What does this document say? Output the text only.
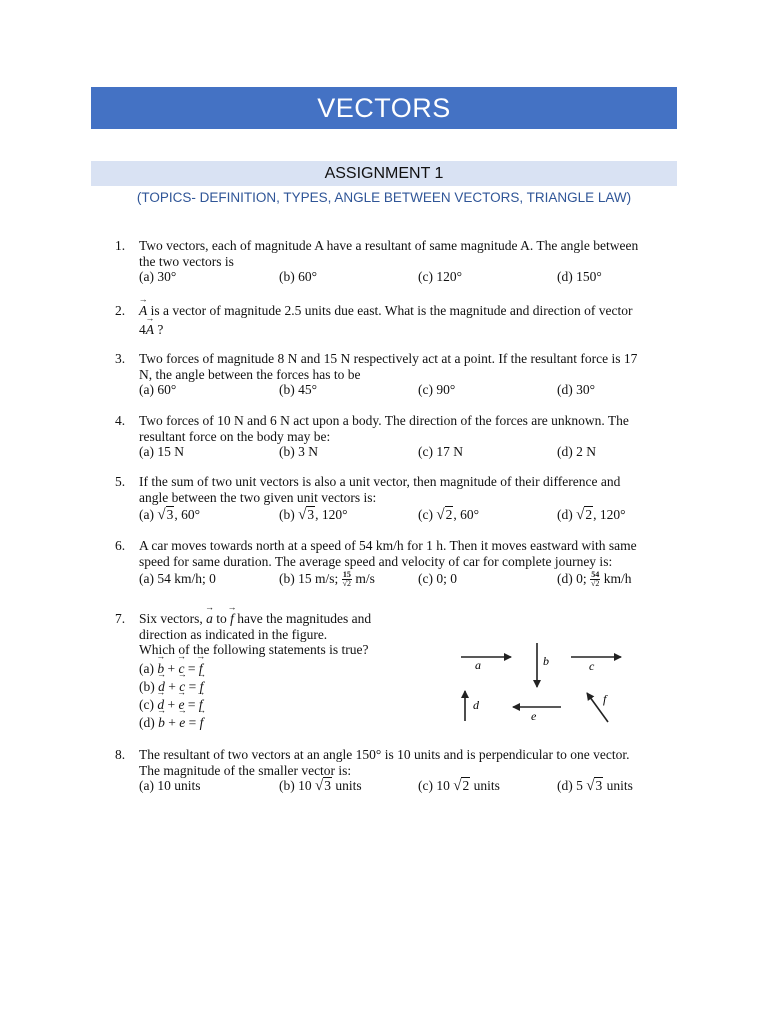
VECTORS
ASSIGNMENT 1
(TOPICS- DEFINITION, TYPES, ANGLE BETWEEN VECTORS, TRIANGLE LAW)
1. Two vectors, each of magnitude A have a resultant of same magnitude A. The angle between
the two vectors is
(a) 30°	(b) 60°	(c) 120°	(d) 150°
2.
→ A is a vector of magnitude 2.5 units due east. What is the magnitude and direction of vector
4→ A ?
3. Two forces of magnitude 8 N and 15 N respectively act at a point. If the resultant force is 17
N, the angle between the forces has to be
(a) 60°	(b) 45°	(c) 90°	(d) 30°
4. Two forces of 10 N and 6 N act upon a body. The direction of the forces are unknown. The
resultant force on the body may be:
(a) 15 N	(b) 3 N	(c) 17 N	(d) 2 N
5. If the sum of two unit vectors is also a unit vector, then magnitude of their difference and
angle between the two given unit vectors is:
(a) √3, 60°	(b) √3, 120°	(c) √2, 60°	(d) √2, 120°
6. A car moves towards north at a speed of 54 km/h for 1 h. Then it moves eastward with same
speed for same duration. The average speed and velocity of car for complete journey is:
(a) 54 km/h; 0	(b) 15 m/s; $\frac{15}{√2} m/s$	(c) 0; 0	(d) 0; $\frac{54}{√2} km/h$
7. Six vectors, → a to → f have the magnitudes and
direction as indicated in the figure.
Which of the following statements is true?
(a) → b + → c = → f
(b) → d + → c = → f
(c) → d + → e = → f
(d) → b + → e = → f
a	b	c
d
e
f
8. The resultant of two vectors at an angle 150° is 10 units and is perpendicular to one vector.
The magnitude of the smaller vector is:
(a) 10 units	(b) 10 √3 units	(c) 10 √2 units	(d) 5 √3 units
